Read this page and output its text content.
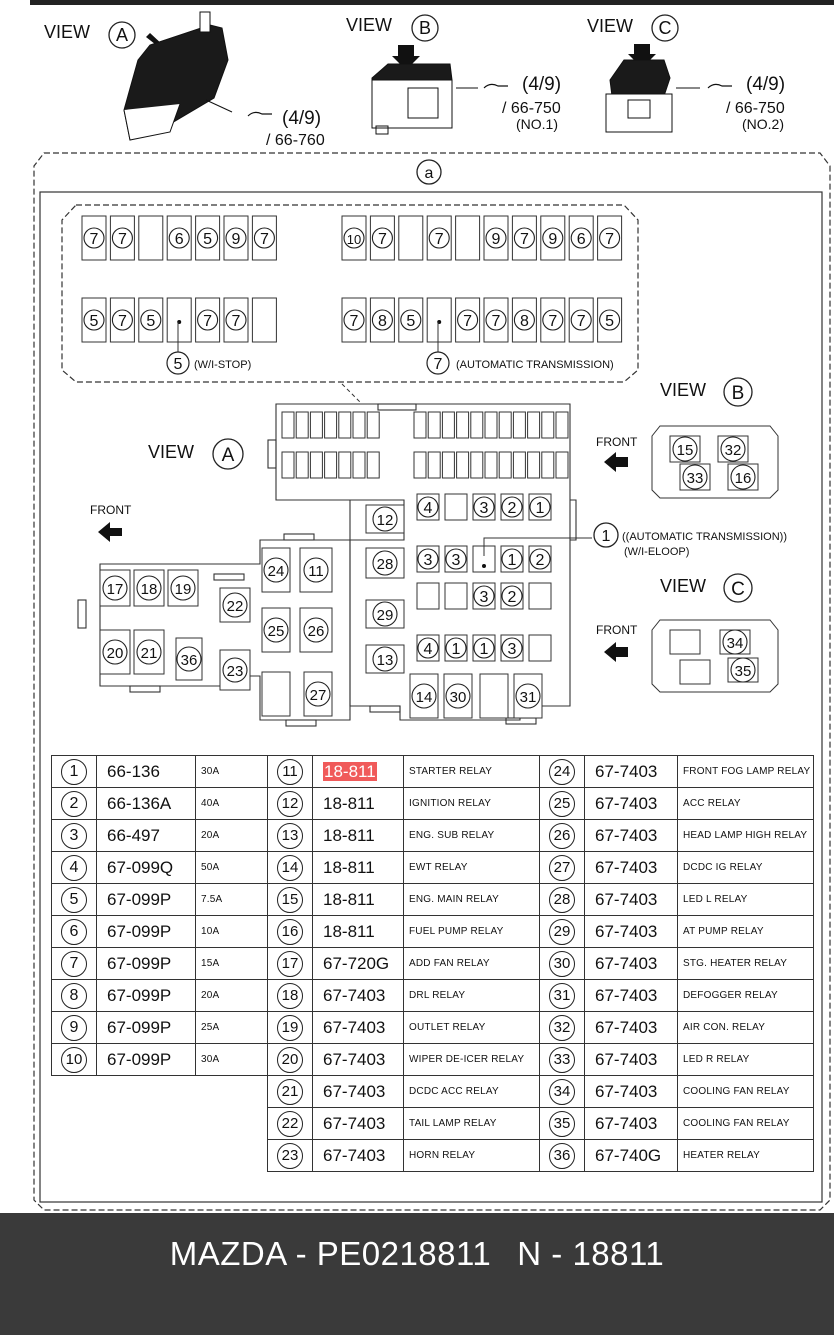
VIEW A
(4/9)
/ 66-760
VIEW B
(4/9)
/ 66-750
(NO.1)
VIEW C
(4/9)
/ 66-750
(NO.2)
a
7 7	6 5 9 7	10 7	7	9 7 9 6 7
5 7 5	7 7	7 8 5	7 7 8 7 7 5
5	7
(W/I-STOP)	(AUTOMATIC TRANSMISSION)
4	3 2 1
3 3	1 2
3 2
4 1 1 3
12
28
29
13
14 30	31
17 18 19
20 21 36
22
23
24 11
25 26
27
VIEW A
FRONT
1 ((AUTOMATIC TRANSMISSION))
(W/I-ELOOP)
VIEW B
FRONT	15 32
33 16
VIEW C
FRONT
34
35
1	66-136	30A	11	18-811	STARTER RELAY	24	67-7403	FRONT FOG LAMP RELAY
2	66-136A	40A	12	18-811	IGNITION RELAY	25	67-7403	ACC RELAY
3	66-497	20A	13	18-811	ENG. SUB RELAY	26	67-7403	HEAD LAMP HIGH RELAY
4	67-099Q	50A	14	18-811	EWT RELAY	27	67-7403	DCDC IG RELAY
5	67-099P	7.5A	15	18-811	ENG. MAIN RELAY	28	67-7403	LED L RELAY
6	67-099P	10A	16	18-811	FUEL PUMP RELAY	29	67-7403	AT PUMP RELAY
7	67-099P	15A	17	67-720G	ADD FAN RELAY	30	67-7403	STG. HEATER RELAY
8	67-099P	20A	18	67-7403	DRL RELAY	31	67-7403	DEFOGGER RELAY
9	67-099P	25A	19	67-7403	OUTLET RELAY	32	67-7403	AIR CON. RELAY
10	67-099P	30A	20	67-7403	WIPER DE-ICER RELAY	33	67-7403	LED R RELAY
			21	67-7403	DCDC ACC RELAY	34	67-7403	COOLING FAN RELAY
			22	67-7403	TAIL LAMP RELAY	35	67-7403	COOLING FAN RELAY
			23	67-7403	HORN RELAY	36	67-740G	HEATER RELAY
MAZDA - PE0218811 N - 18811
